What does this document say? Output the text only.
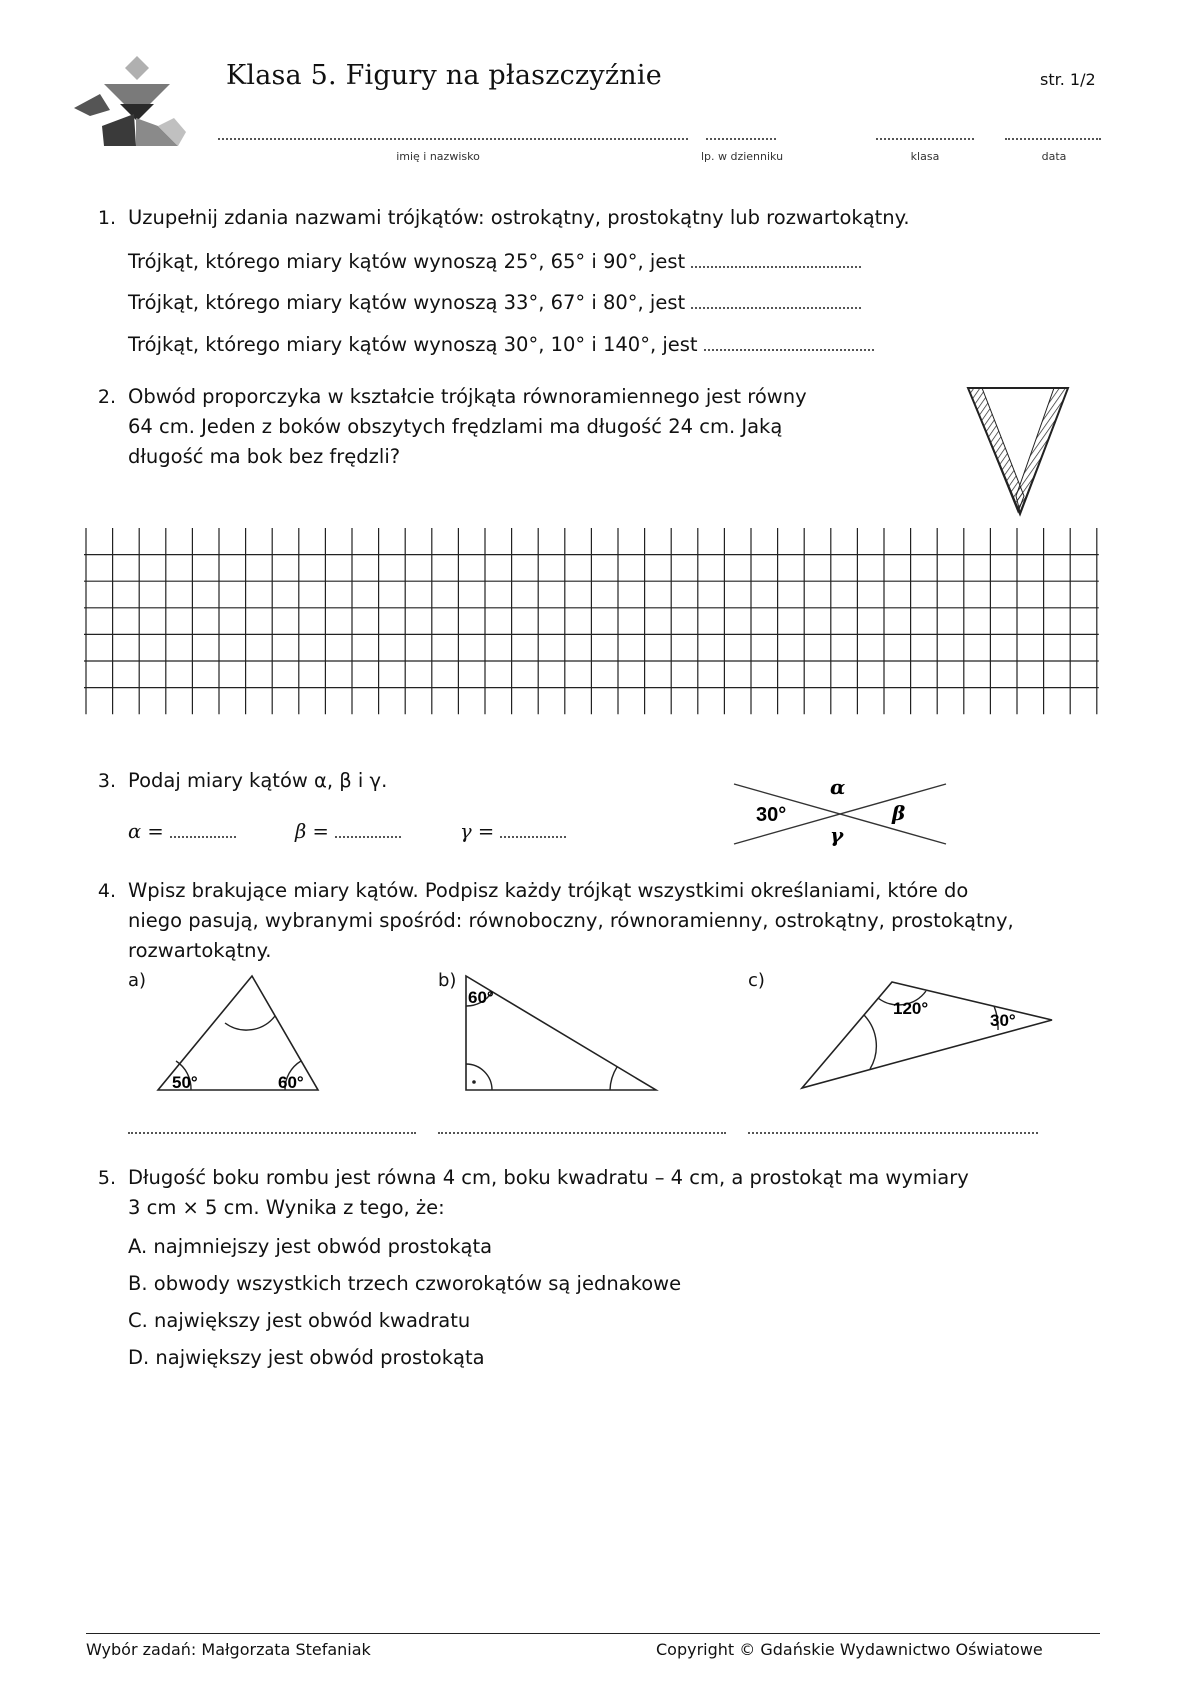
Klasa 5. Figury na płaszczyźnie	str. 1/2
imię i nazwisko	lp. w dzienniku	klasa	data
1. Uzupełnij zdania nazwami trójkątów: ostrokątny, prostokątny lub rozwartokątny.
Trójkąt, którego miary kątów wynoszą 25°, 65° i 90°, jest
Trójkąt, którego miary kątów wynoszą 33°, 67° i 80°, jest
Trójkąt, którego miary kątów wynoszą 30°, 10° i 140°, jest
2. Obwód proporczyka w kształcie trójkąta równoramiennego jest równy
64 cm. Jeden z boków obszytych frędzlami ma długość 24 cm. Jaką
długość ma bok bez frędzli?
3. Podaj miary kątów α, β i γ.
α =	β =	γ =
30°
α
β
γ
4. Wpisz brakujące miary kątów. Podpisz każdy trójkąt wszystkimi określaniami, które do
niego pasują, wybranymi spośród: równoboczny, równoramienny, ostrokątny, prostokątny,
rozwartokątny.
a)	b)	c)
50°	60°
60°
120°
30°
5. Długość boku rombu jest równa 4 cm, boku kwadratu – 4 cm, a prostokąt ma wymiary
3 cm × 5 cm. Wynika z tego, że:
A. najmniejszy jest obwód prostokąta
B. obwody wszystkich trzech czworokątów są jednakowe
C. największy jest obwód kwadratu
D. największy jest obwód prostokąta
Wybór zadań: Małgorzata Stefaniak	Copyright © Gdańskie Wydawnictwo Oświatowe
